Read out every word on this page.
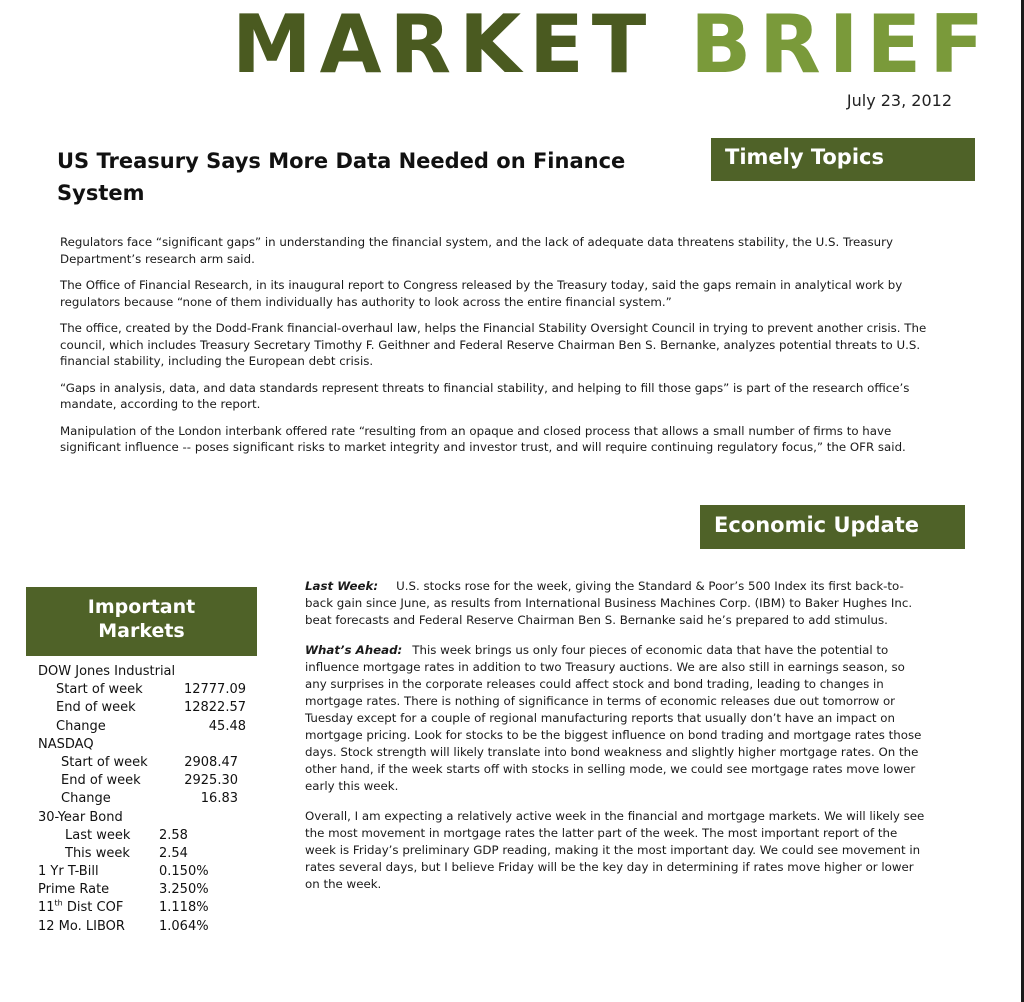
MARKET BRIEF
July 23, 2012
Timely Topics
US Treasury Says More Data Needed on Finance System

Regulators face “significant gaps” in understanding the financial system, and the lack of adequate data threatens stability, the U.S. Treasury Department’s research arm said.

The Office of Financial Research, in its inaugural report to Congress released by the Treasury today, said the gaps remain in analytical work by regulators because “none of them individually has authority to look across the entire financial system.”

The office, created by the Dodd-Frank financial-overhaul law, helps the Financial Stability Oversight Council in trying to prevent another crisis. The council, which includes Treasury Secretary Timothy F. Geithner and Federal Reserve Chairman Ben S. Bernanke, analyzes potential threats to U.S. financial stability, including the European debt crisis.

“Gaps in analysis, data, and data standards represent threats to financial stability, and helping to fill those gaps” is part of the research office’s mandate, according to the report.

Manipulation of the London interbank offered rate “resulting from an opaque and closed process that allows a small number of firms to have significant influence -- poses significant risks to market integrity and investor trust, and will require continuing regulatory focus,” the OFR said.

Economic Update

Last Week: U.S. stocks rose for the week, giving the Standard & Poor’s 500 Index its first back-to-back gain since June, as results from International Business Machines Corp. (IBM) to Baker Hughes Inc. beat forecasts and Federal Reserve Chairman Ben S. Bernanke said he’s prepared to add stimulus.

What’s Ahead: This week brings us only four pieces of economic data that have the potential to influence mortgage rates in addition to two Treasury auctions. We are also still in earnings season, so any surprises in the corporate releases could affect stock and bond trading, leading to changes in mortgage rates. There is nothing of significance in terms of economic releases due out tomorrow or Tuesday except for a couple of regional manufacturing reports that usually don’t have an impact on mortgage pricing. Look for stocks to be the biggest influence on bond trading and mortgage rates those days. Stock strength will likely translate into bond weakness and slightly higher mortgage rates. On the other hand, if the week starts off with stocks in selling mode, we could see mortgage rates move lower early this week.

Overall, I am expecting a relatively active week in the financial and mortgage markets. We will likely see the most movement in mortgage rates the latter part of the week. The most important report of the week is Friday’s preliminary GDP reading, making it the most important day. We could see movement in rates several days, but I believe Friday will be the key day in determining if rates move higher or lower on the week.

Important
Markets
DOW Jones Industrial
Start of week	12777.09
End of week	12822.57
Change	45.48
NASDAQ
Start of week	2908.47
End of week	2925.30
Change	16.83
30-Year Bond
Last week 2.58
This week 2.54
1 Yr T-Bill	0.150%
Prime Rate	3.250%
11th Dist COF	1.118%
12 Mo. LIBOR	1.064%
